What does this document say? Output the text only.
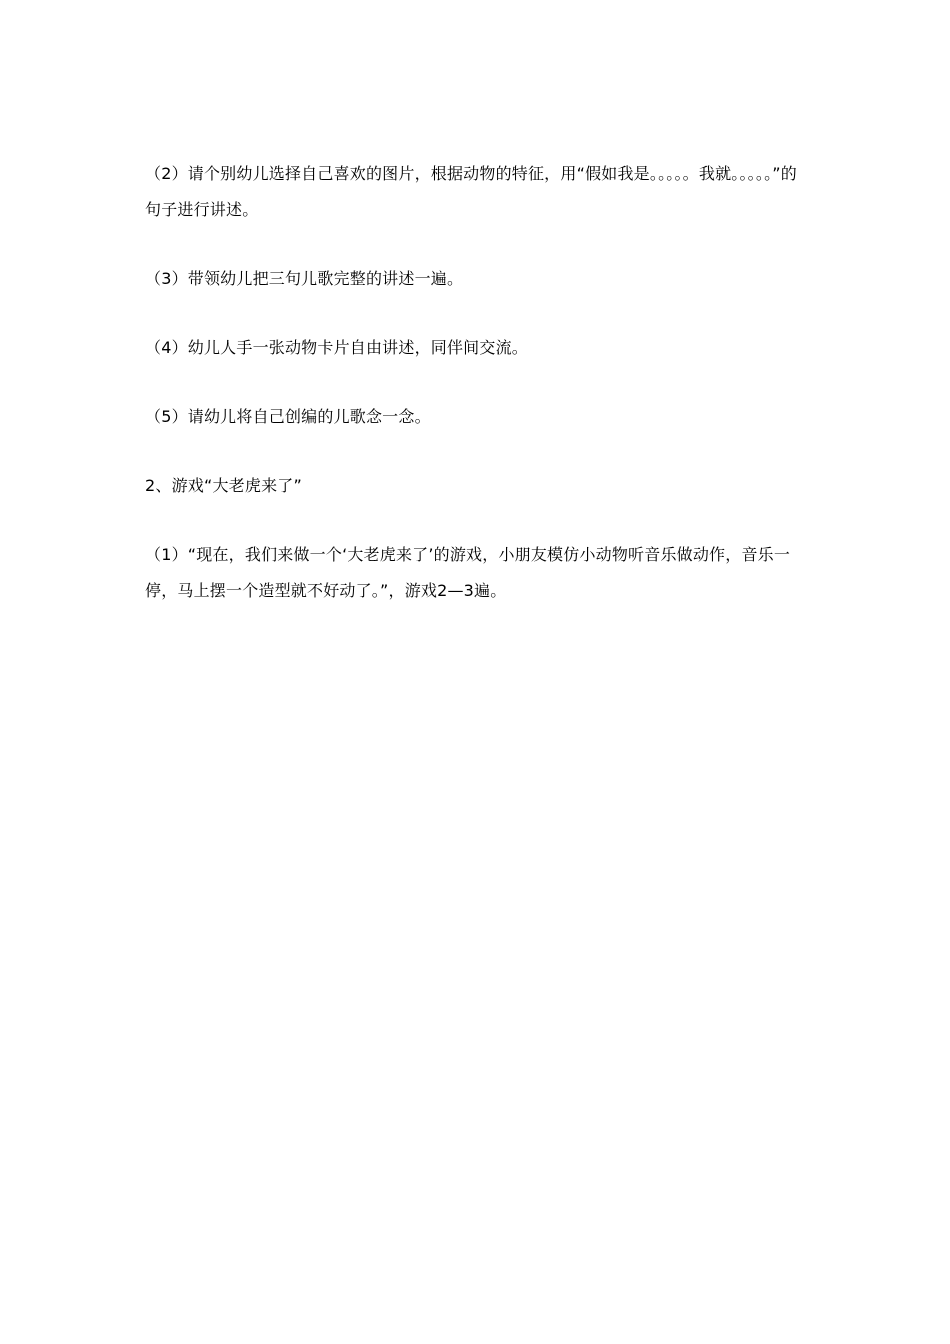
（2）请个别幼儿选择自己喜欢的图片，根据动物的特征，用“假如我是。。。。。我就。。。。。”的句子进行讲述。

（3）带领幼儿把三句儿歌完整的讲述一遍。

（4）幼儿人手一张动物卡片自由讲述，同伴间交流。

（5）请幼儿将自己创编的儿歌念一念。

2、游戏“大老虎来了”

（1）“现在，我们来做一个‘大老虎来了’的游戏，小朋友模仿小动物听音乐做动作，音乐一停，马上摆一个造型就不好动了。”，游戏2—3遍。
